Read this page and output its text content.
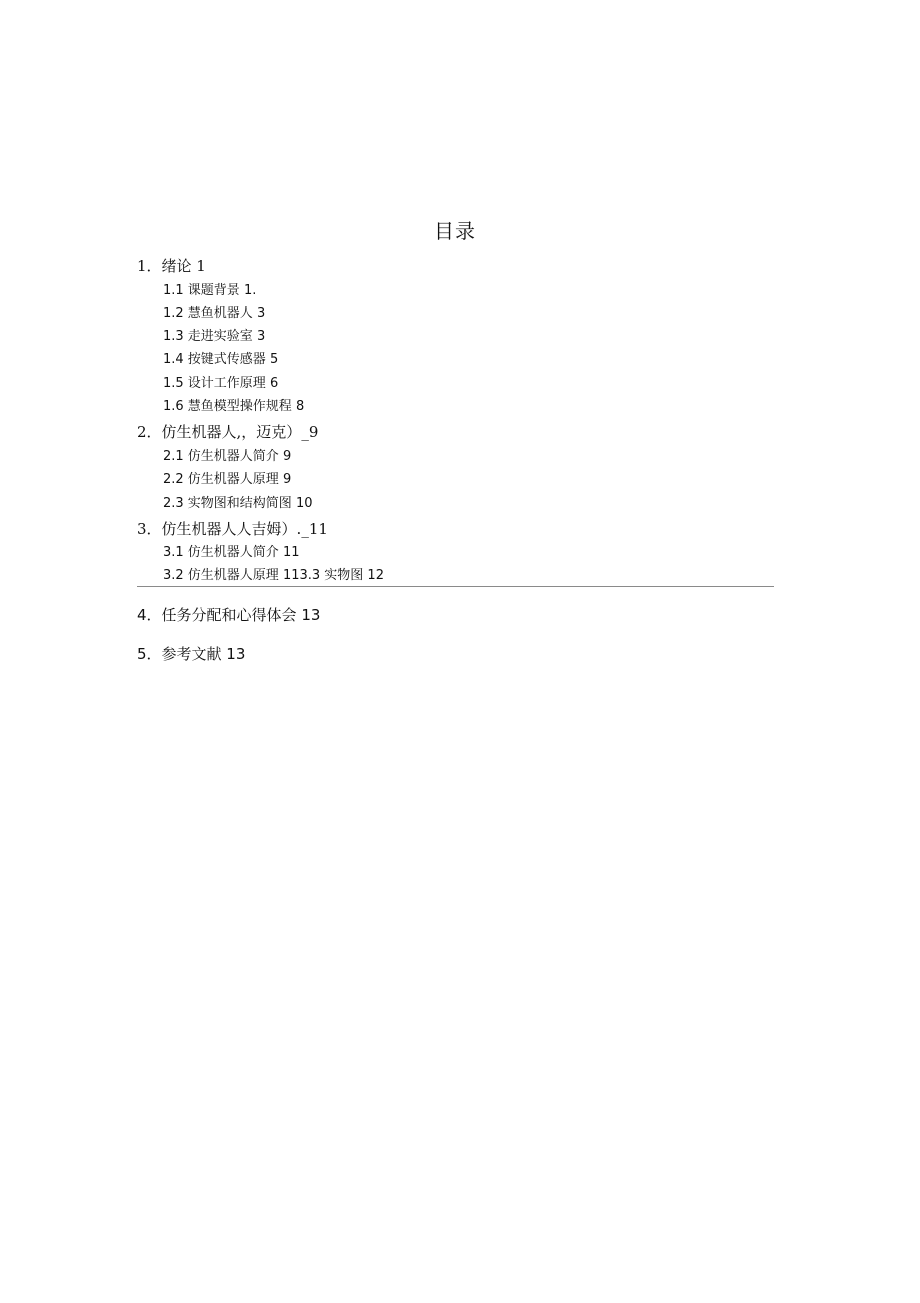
目录
1．绪论 1
1.1 课题背景 1.
1.2 慧鱼机器人 3
1.3 走进实验室 3
1.4 按键式传感器 5
1.5 设计工作原理 6
1.6 慧鱼模型操作规程 8
2．仿生机器人,，迈克）_9
2.1 仿生机器人简介 9
2.2 仿生机器人原理 9
2.3 实物图和结构简图 10
3．仿生机器人人吉姆）._11
3.1 仿生机器人简介 11
3.2 仿生机器人原理 113.3 实物图 12
4．任务分配和心得体会 13
5．参考文献 13
